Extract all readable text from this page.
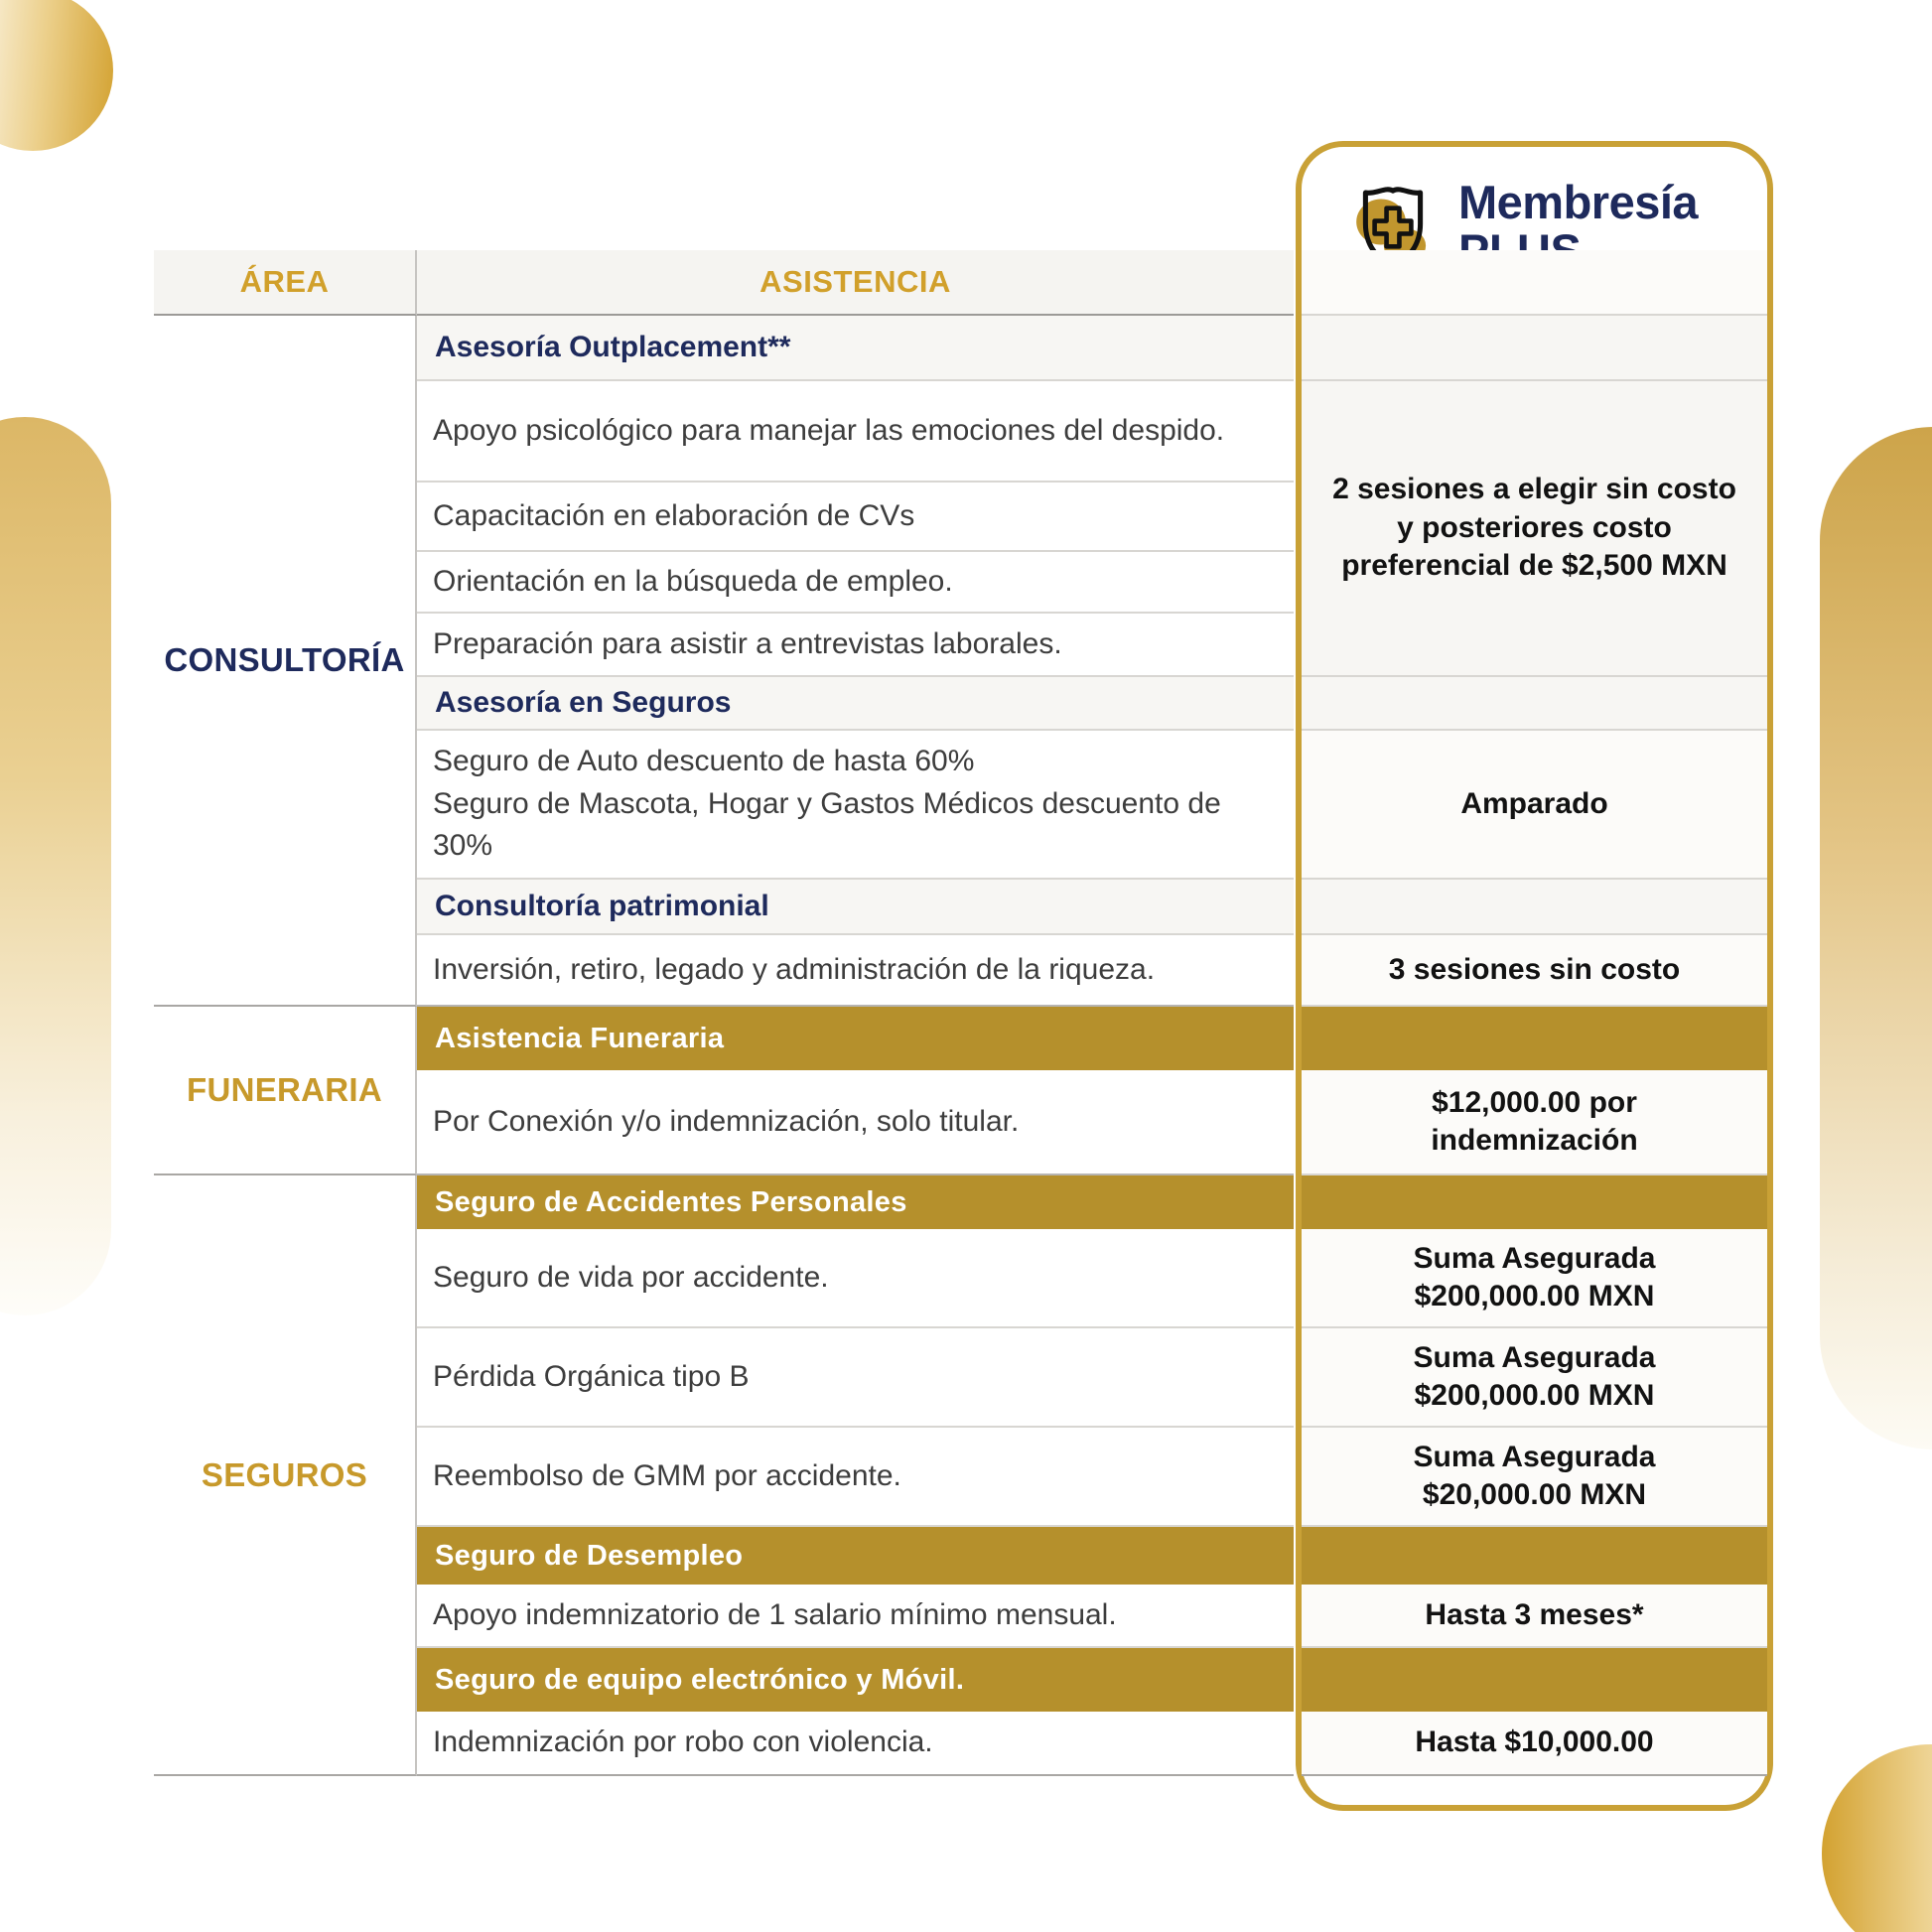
Membresía
ÁREA	ASISTENCIA
CONSULTORÍA
FUNERARIA
SEGUROS
Asesoría Outplacement**
Apoyo psicológico para manejar las emociones del despido.
Capacitación en elaboración de CVs
Orientación en la búsqueda de empleo.
Preparación para asistir a entrevistas laborales.
Asesoría en Seguros
Seguro de Auto descuento de hasta 60%
Seguro de Mascota, Hogar y Gastos Médicos descuento de 30%
Consultoría patrimonial
Inversión, retiro, legado y administración de la riqueza.
Asistencia Funeraria
Por Conexión y/o indemnización, solo titular.
Seguro de Accidentes Personales
Seguro de vida por accidente.
Pérdida Orgánica tipo B
Reembolso de GMM por accidente.
Seguro de Desempleo
Apoyo indemnizatorio de 1 salario mínimo mensual.
Seguro de equipo electrónico y Móvil.
Indemnización por robo con violencia.
2 sesiones a elegir sin costo
y posteriores costo
preferencial de $2,500 MXN
Amparado
3 sesiones sin costo
$12,000.00 por
indemnización
Suma Asegurada
$200,000.00 MXN
Suma Asegurada
$200,000.00 MXN
Suma Asegurada
$20,000.00 MXN
Hasta 3 meses*
Hasta $10,000.00
